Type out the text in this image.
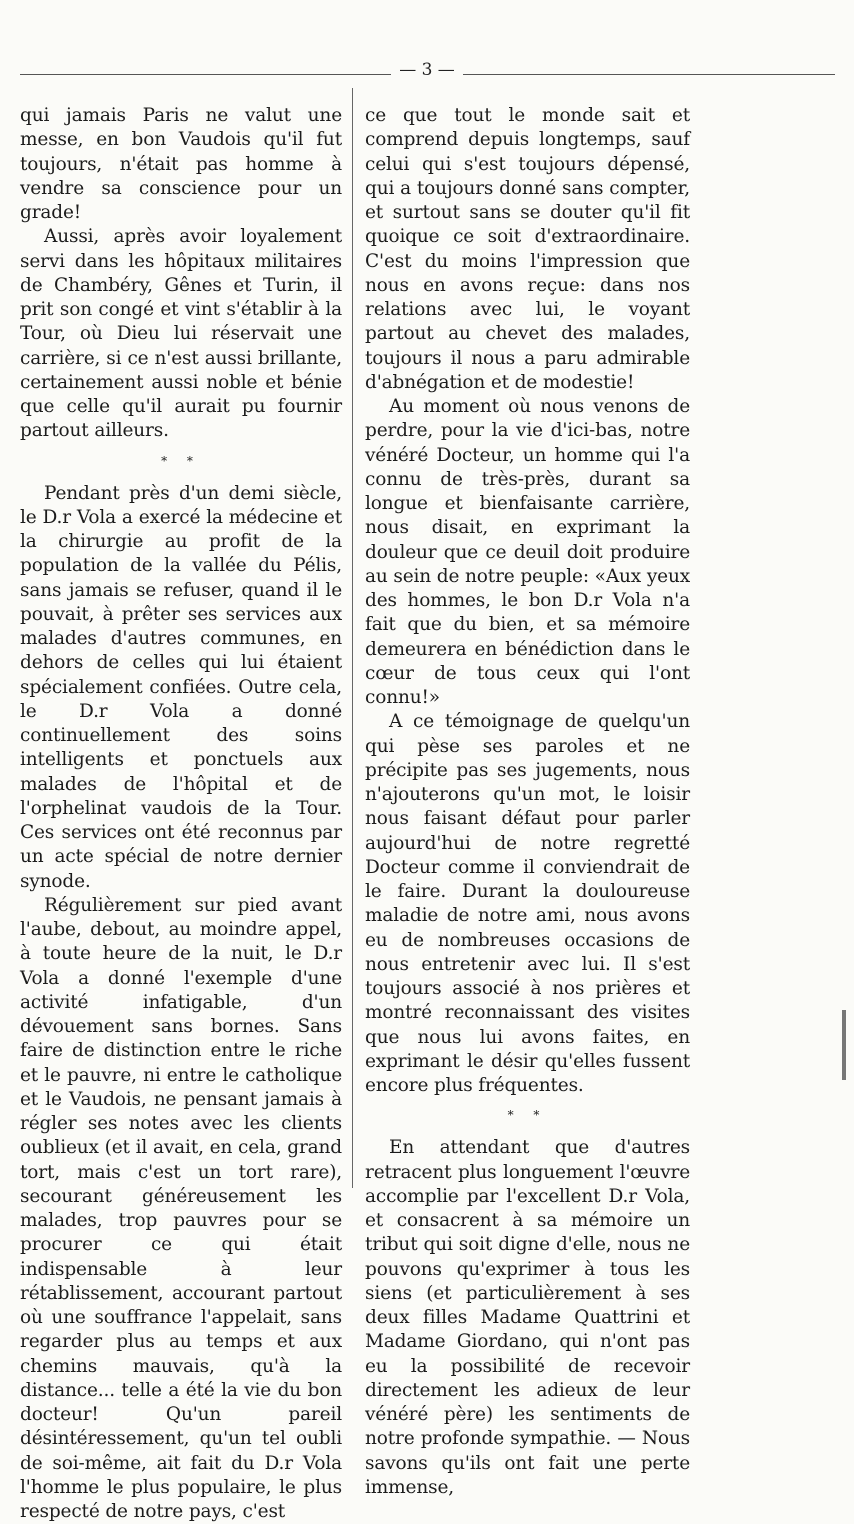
— 3 —

qui jamais Paris ne valut une messe, en bon Vaudois qu'il fut toujours, n'était pas homme à vendre sa conscience pour un grade!

Aussi, après avoir loyalement servi dans les hôpitaux militaires de Chambéry, Gênes et Turin, il prit son congé et vint s'établir à la Tour, où Dieu lui réservait une carrière, si ce n'est aussi brillante, certainement aussi noble et bénie que celle qu'il aurait pu fournir partout ailleurs.

* *

Pendant près d'un demi siècle, le D.r Vola a exercé la médecine et la chirurgie au profit de la population de la vallée du Pélis, sans jamais se refuser, quand il le pouvait, à prêter ses services aux malades d'autres communes, en dehors de celles qui lui étaient spécialement confiées. Outre cela, le D.r Vola a donné continuellement des soins intelligents et ponctuels aux malades de l'hôpital et de l'orphelinat vaudois de la Tour. Ces services ont été reconnus par un acte spécial de notre dernier synode.

Régulièrement sur pied avant l'aube, debout, au moindre appel, à toute heure de la nuit, le D.r Vola a donné l'exemple d'une activité infatigable, d'un dévouement sans bornes. Sans faire de distinction entre le riche et le pauvre, ni entre le catholique et le Vaudois, ne pensant jamais à régler ses notes avec les clients oublieux (et il avait, en cela, grand tort, mais c'est un tort rare), secourant généreusement les malades, trop pauvres pour se procurer ce qui était indispensable à leur rétablissement, accourant partout où une souffrance l'appelait, sans regarder plus au temps et aux chemins mauvais, qu'à la distance... telle a été la vie du bon docteur! Qu'un pareil désintéressement, qu'un tel oubli de soi-même, ait fait du D.r Vola l'homme le plus populaire, le plus respecté de notre pays, c'est

ce que tout le monde sait et comprend depuis longtemps, sauf celui qui s'est toujours dépensé, qui a toujours donné sans compter, et surtout sans se douter qu'il fit quoique ce soit d'extraordinaire. C'est du moins l'impression que nous en avons reçue: dans nos relations avec lui, le voyant partout au chevet des malades, toujours il nous a paru admirable d'abnégation et de modestie!

Au moment où nous venons de perdre, pour la vie d'ici-bas, notre vénéré Docteur, un homme qui l'a connu de très-près, durant sa longue et bienfaisante carrière, nous disait, en exprimant la douleur que ce deuil doit produire au sein de notre peuple: «Aux yeux des hommes, le bon D.r Vola n'a fait que du bien, et sa mémoire demeurera en bénédiction dans le cœur de tous ceux qui l'ont connu!»

A ce témoignage de quelqu'un qui pèse ses paroles et ne précipite pas ses jugements, nous n'ajouterons qu'un mot, le loisir nous faisant défaut pour parler aujourd'hui de notre regretté Docteur comme il conviendrait de le faire. Durant la douloureuse maladie de notre ami, nous avons eu de nombreuses occasions de nous entretenir avec lui. Il s'est toujours associé à nos prières et montré reconnaissant des visites que nous lui avons faites, en exprimant le désir qu'elles fussent encore plus fréquentes.

* *

En attendant que d'autres retracent plus longuement l'œuvre accomplie par l'excellent D.r Vola, et consacrent à sa mémoire un tribut qui soit digne d'elle, nous ne pouvons qu'exprimer à tous les siens (et particulièrement à ses deux filles Madame Quattrini et Madame Giordano, qui n'ont pas eu la possibilité de recevoir directement les adieux de leur vénéré père) les sentiments de notre profonde sympathie. — Nous savons qu'ils ont fait une perte immense,
